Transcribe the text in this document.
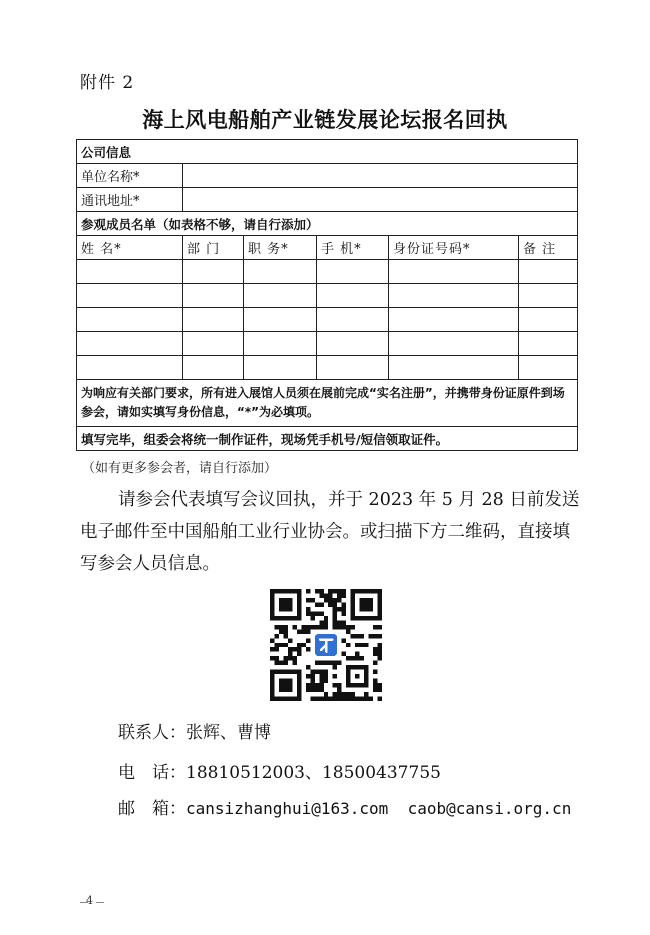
附件 2
海上风电船舶产业链发展论坛报名回执
公司信息					
单位名称*					
通讯地址*					
参观成员名单（如表格不够，请自行添加）					
姓 名*	部 门	职 务*	手 机*	身份证号码*	备 注

为响应有关部门要求，所有进入展馆人员须在展前完成“实名注册”，并携带身份证原件到场参会，请如实填写身份信息，“*”为必填项。					
填写完毕，组委会将统一制作证件，现场凭手机号/短信领取证件。					
（如有更多参会者，请自行添加）
请参会代表填写会议回执，并于 2023 年 5 月 28 日前发送电子邮件至中国船舶工业行业协会。或扫描下方二维码，直接填写参会人员信息。
联系人：张辉、曹博
电　话：18810512003、18500437755
邮　箱：cansizhanghui@163.com caob@cansi.org.cn
4
